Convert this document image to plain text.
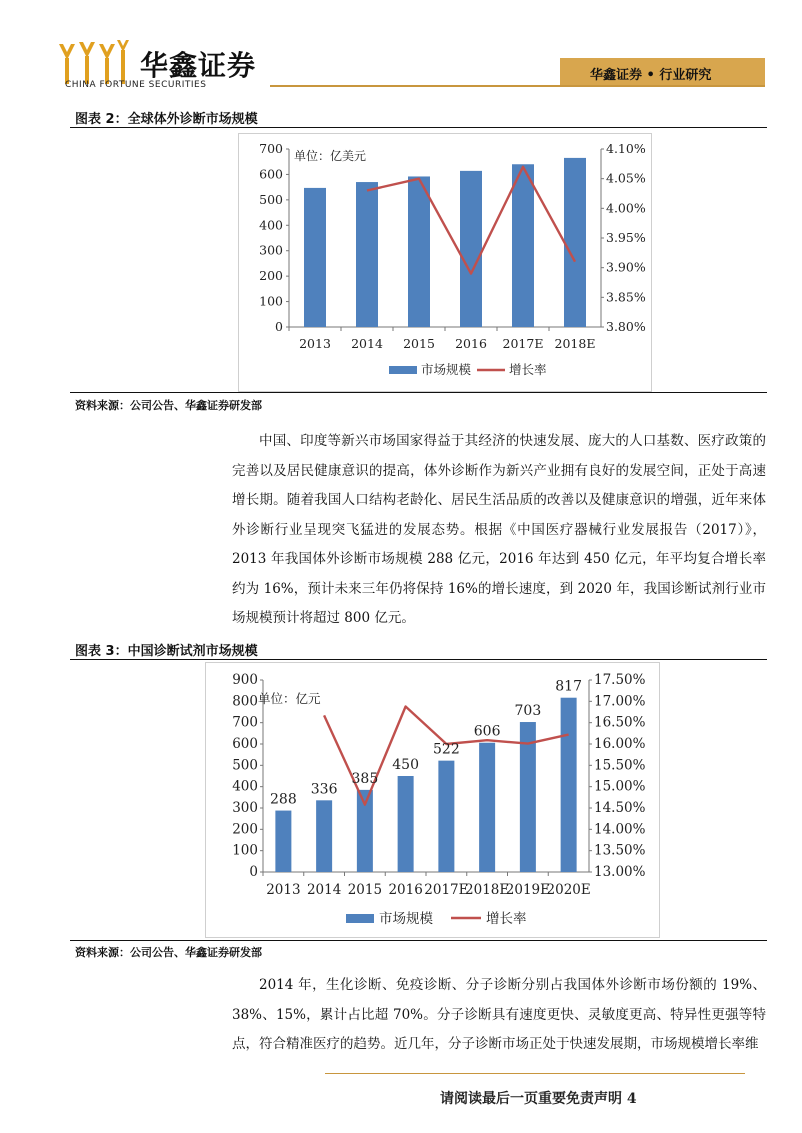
华鑫证券
CHINA FORTUNE SECURITIES
华鑫证券 • 行业研究
图表 2：全球体外诊断市场规模
700
600
500
400
300
200
100
0
4.10%
4.05%
4.00%
3.95%
3.90%
3.85%
3.80%
2013 2014 2015 2016 2017E 2018E
单位：亿美元
市场规模	增长率
资料来源：公司公告、华鑫证券研发部
中国、印度等新兴市场国家得益于其经济的快速发展、庞大的人口基数、医疗政策的完善以及居民健康意识的提高，体外诊断作为新兴产业拥有良好的发展空间，正处于高速增长期。随着我国人口结构老龄化、居民生活品质的改善以及健康意识的增强，近年来体外诊断行业呈现突飞猛进的发展态势。根据《中国医疗器械行业发展报告（2017）》，2013 年我国体外诊断市场规模 288 亿元，2016 年达到 450 亿元，年平均复合增长率约为 16%，预计未来三年仍将保持 16%的增长速度，到 2020 年，我国诊断试剂行业市场规模预计将超过 800 亿元。
图表 3：中国诊断试剂市场规模
900
800
700
600
500
400
300
200
100
0
17.50%
17.00%
16.50%
16.00%
15.50%
15.00%
14.50%
14.00%
13.50%
13.00%
2013 2014 2015 2016 2017E
2018E
2019E
2020E
288
336
385
450
522
606
703
817
单位：亿元
市场规模	增长率
资料来源：公司公告、华鑫证券研发部
2014 年，生化诊断、免疫诊断、分子诊断分别占我国体外诊断市场份额的 19%、38%、15%，累计占比超 70%。分子诊断具有速度更快、灵敏度更高、特异性更强等特点，符合精准医疗的趋势。近几年，分子诊断市场正处于快速发展期，市场规模增长率维
请阅读最后一页重要免责声明 4
